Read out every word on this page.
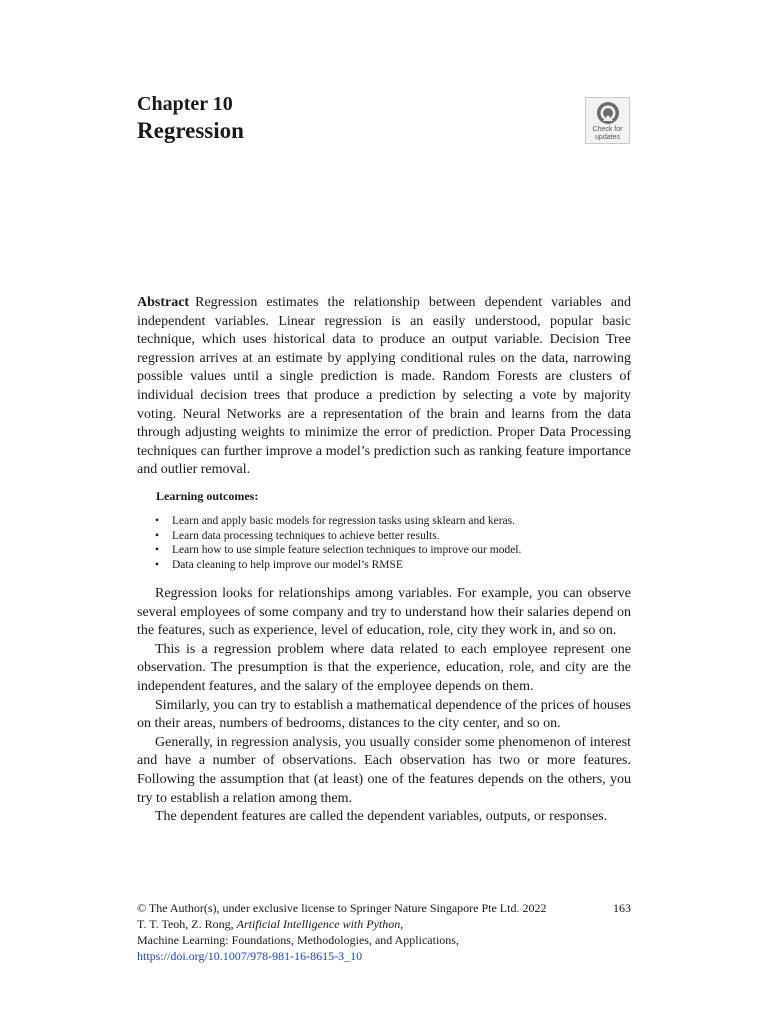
Chapter 10
Regression	Check for
updates

Abstract Regression estimates the relationship between dependent variables and independent variables. Linear regression is an easily understood, popular basic technique, which uses historical data to produce an output variable. Decision Tree regression arrives at an estimate by applying conditional rules on the data, narrowing possible values until a single prediction is made. Random Forests are clusters of individual decision trees that produce a prediction by selecting a vote by majority voting. Neural Networks are a representation of the brain and learns from the data through adjusting weights to minimize the error of prediction. Proper Data Processing techniques can further improve a model’s prediction such as ranking feature importance and outlier removal.

Learning outcomes:
• Learn and apply basic models for regression tasks using sklearn and keras.
• Learn data processing techniques to achieve better results.
• Learn how to use simple feature selection techniques to improve our model.
• Data cleaning to help improve our model’s RMSE

Regression looks for relationships among variables. For example, you can observe several employees of some company and try to understand how their salaries depend on the features, such as experience, level of education, role, city they work in, and so on.

This is a regression problem where data related to each employee represent one observation. The presumption is that the experience, education, role, and city are the independent features, and the salary of the employee depends on them.

Similarly, you can try to establish a mathematical dependence of the prices of houses on their areas, numbers of bedrooms, distances to the city center, and so on.

Generally, in regression analysis, you usually consider some phenomenon of interest and have a number of observations. Each observation has two or more features. Following the assumption that (at least) one of the features depends on the others, you try to establish a relation among them.

The dependent features are called the dependent variables, outputs, or responses.

© The Author(s), under exclusive license to Springer Nature Singapore Pte Ltd. 2022	163
T. T. Teoh, Z. Rong, Artificial Intelligence with Python,
Machine Learning: Foundations, Methodologies, and Applications,
https://doi.org/10.1007/978-981-16-8615-3_10
